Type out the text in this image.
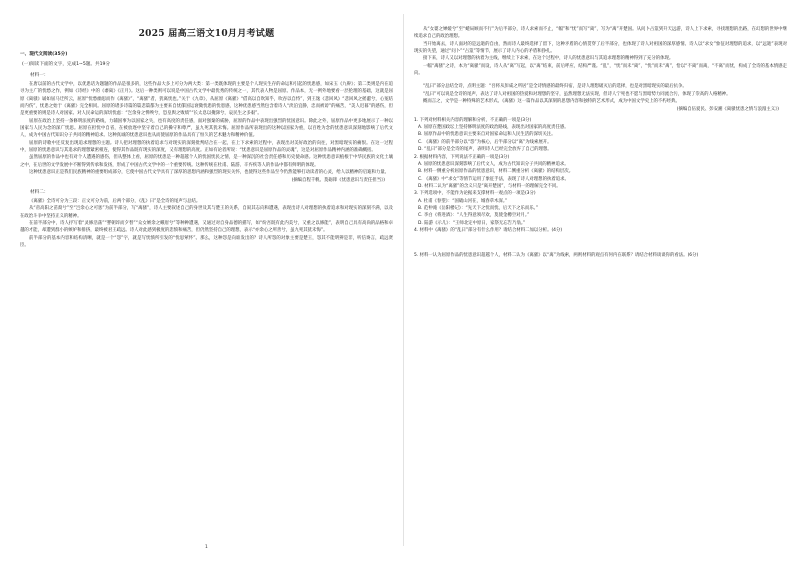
2025 届高三语文10月月考试题
一、现代文阅读(35分)
(一)阅读下面的文字，完成1~5题。共19分
材料一：

在唐以前的古代文学中，以优患话为题题的作品是很多的，这些作品大多上可分为两大类：第一类既体现的主要是个人现实生存的命运和引起的忧患感，如宋玉《九辩》；第二类则是内在追寻为主广的忧愁之作，例如《诗经》中的《黍离》《正月》。这后一种类则可以说是中国古代文学中最优秀的传统之一，其代表人物是屈原。作品本，无一例外地要看一层伦理的基础，这就是屈原《离骚》诵如屈马迁所云，屈原“忧愁幽思而作《离骚》”，“离骚”者，犹离忧也。”关于《九章》，从屈原《离骚》“借高以自吹知乎，吹吞以自恃”，到王逸《悲回风》“悲回风之摇蕙兮，心冤结而内伤”，忧患之始于《离骚》完全相同。屈原的诸多诗篇的篇悲篇都为主要来自忧郁国运衰微忧患的忧患感，这种优患感当然包含着诗人“淡泊宜静，忠而被谤”的痛苦，“美人迟暮”的感伤，但是更重要的则是诗人对国家、对人民命运的深切忧虑：“岂余身之惮殃兮，恐皇舆之败绩”“长太息以掩涕兮，哀民生之多艰”。

屈原在政治上坚持一条修明法度的路线，力辅国事为以国家之失，也有高度的责任感，面对强秦的威胁，屈原的作品中表现出强烈的忧国意识。除此之外，屈原作品中更多地展示了一种以国家与人民为念的深广忧思。屈原在担忧中自省，在被放逐中坚守着自己的操守和尊严，虽九死其犹未悔。屈原作品所表现出的这种以国家为重，以百姓为念的忧患意识深刻地影响了后代文人，成为中国古代知识分子共同的精神追求。这种真诚的忧患意识也从而使屈原的作品具有了恒久的艺术魅力和精神价值。

屈原的诗歌中还反复出现追求理想的主题。诗人把对理想的执着追求与对现实的深刻批判结合在一起，在上下求索的过程中，表现出对美好政治的向往，对黑暗现实的痛恨。在这一过程中，屈原的忧患意识与其追求的理想紧密相连，使得其作品既有现实的深度，又有理想的高度。正如有论者所说：“忧患意识是屈原作品的灵魂”，这是对屈原作品精神内涵的准确概括。

虽然屈原的作品中也有对个人遭遇的感伤，但从整体上看，屈原的忧患是一种超越个人的忧国忧民之情，是一种深沉的社会责任感和历史使命感。这种忧患意识植根于中华民族的文化土壤之中，在后世的文学发展中不断得到传承和发扬，形成了中国古代文学中的一个重要传统。这种传统在杜甫、陆游、辛弃疾等人的作品中都有鲜明的体现。

这种忧患意识正是我们民族精神的重要组成部分，它使中国古代文学具有了深厚的思想内涵和强烈的现实关怀，也使得这些作品至今仍然能够打动读者的心灵，给人以精神的启迪和力量。

(摘编自程千帆、莫砺锋《忧患意识与责任担当》)
材料二：

《离骚》全诗可分为三段：正文可分为前，后两个部分，《乱》曰”是全诗的尾声与总结。

从“帝高阳之苗裔兮”至“岂余心之可惩”为前半部分，写“离骚”，诗人主要叙述自己的身世及其与楚王的关系，自叙其志向和遭遇，表现出诗人对理想的执着追求和对现实的深刻不满，以及在政治斗争中坚持正义的精神。

在前半部分中，诗人抒写着“灵修浩荡”“謇朝谇而夕替”“众女嫉余之蛾眉兮”等种种遭遇，又通过对自身品德的描写，如“纷吾既有此内美兮，又重之以修能”，表明自己具有高尚的品格和卓越的才能，却遭到群小的嫉妒和排挤，最终被君王疏远。诗人对此感到极度的悲愤和痛苦，但仍然坚持自己的理想，表示“亦余心之所善兮，虽九死其犹未悔”。

前半部分的基本内容和结构清晰，就是一个“怨”字，就是写忧愤所引发的“忧思萦怀”。那么，这种怨是向谁发出的？诗人所怨的对象主要是楚王，怨其不能明辨是非，听信谗言，疏远贤臣。

从“女媭之婵媛兮”至“蜷局顾而不行”为后半部分，诗人求索而不止，“幅”和“忧”而写“离”，写为“离”开楚国。从问卜占筮到升天远游，诗人上下求索，寻找理想的出路，在幻想的世界中继续追求自己的政治理想。

当开始离去，诗人面对的是远逝的自由，然而诗人最终选择了留下，这种矛盾的心情贯穿了后半部分，也体现了诗人对祖国的深厚感情。诗人以“求女”象征对理想的追求，以“远逝”表现对现实的失望，通过“问卜”“占筮”等情节，展示了诗人内心的矛盾和挣扎。

接下来，诗人又以对理想的执着为主线，继续上下求索，在这个过程中，诗人的忧患意识与其追求理想的精神得到了充分的体现。

一幅“离骚”之诗，本为“离骚”而设，诗人从“离”写起，以“离”结束，前后呼应，结构严谨。“乱”，“忧”而未“离”，“忧”而未“离”，恰以“不离”而离，“不离”而忧，构成了全诗的基本情感走向。

“乱曰”部分总结全诗，点明主题：“吾将从彭咸之所居”是全诗情感的最终归宿，是诗人理想破灭后的选择，也是对黑暗现实的最后抗争。

“乱曰”可以说是全诗的尾声，表达了诗人对祖国的热爱和对理想的坚守，虽然理想无法实现，但诗人宁死也不愿与黑暗势力同流合污，体现了崇高的人格精神。

概而言之，文学是一种特殊的艺术形式。《离骚》这一篇作品以其深刻的思想内容和独特的艺术形式，成为中国文学史上的不朽经典。

(摘编自伍爱民、彭安湘《离骚忧患之情与浪漫主义》)

1. 下列对材料相关内容的理解和分析，不正确的一项是(3分)

A. 屈原在楚国政坛上坚持修明法度的政治路线，表现出对国家的高度责任感。

B. 屈原作品中的忧患意识主要来自对国家命运和人民生活的深切关注。

C. 《离骚》的前半部分以“怨”为核心，后半部分以“离”为线索展开。

D. “乱曰”部分是全诗的尾声，表明诗人已经完全放弃了自己的理想。

2. 根据材料内容，下列说法不正确的一项是(3分)

A. 屈原的忧患意识深刻影响了后代文人，成为古代知识分子共同的精神追求。

B. 材料一侧重分析屈原作品的忧患意识，材料二侧重分析《离骚》的结构层次。

C. 《离骚》中“求女”等情节运用了象征手法，表现了诗人对理想的执着追求。

D. 材料二认为“离骚”的含义只是“离开楚国”，与材料一的理解完全不同。

3. 下列选项中，不能作为论据来支撑材料一观点的一项是(3分)

A. 杜甫《春望》：“国破山河在，城春草木深。”

B. 范仲淹《岳阳楼记》：“先天下之忧而忧，后天下之乐而乐。”

C. 李白《将进酒》：“人生得意须尽欢，莫使金樽空对月。”

D. 陆游《示儿》：“王师北定中原日，家祭无忘告乃翁。”

4. 材料中《离骚》的“乱曰”部分有什么作用？请结合材料二加以分析。(4分)

5. 材料一认为屈原作品的忧患意识超越个人，材料二认为《离骚》以“离”为线索，两则材料的观点有何内在联系？请结合材料谈谈你的看法。(6分)

1
